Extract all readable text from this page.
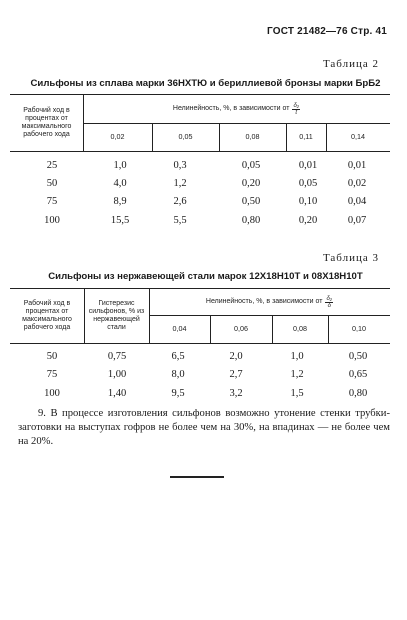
ГОСТ 21482—76 Стр. 41
Таблица 2
Сильфоны из сплава марки 36НХТЮ и бериллиевой бронзы марки БрБ2
Рабочий ход в процентах от максимального рабочего хода
Нелинейность, %, в зависимости от $\frac{\text{δ₂}}{t}$
0,02	0,05	0,08	0,11	0,14
25	1,0	0,3	0,05	0,01	0,01
50	4,0	1,2	0,20	0,05	0,02
75	8,9	2,6	0,50	0,10	0,04
100	15,5	5,5	0,80	0,20	0,07
Таблица 3
Сильфоны из нержавеющей стали марок 12Х18Н10Т и 08Х18Н10Т
Рабочий ход в процентах от максимального рабочего хода
Гистерезис сильфонов, % из нержавеющей стали
Нелинейность, %, в зависимости от $\frac{\text{δ₂}}{\delta}$
0,04	0,06	0,08	0,10
50	0,75	6,5	2,0	1,0	0,50
75	1,00	8,0	2,7	1,2	0,65
100	1,40	9,5	3,2	1,5	0,80
9. В процессе изготовления сильфонов возможно утонение стенки трубки-заготовки на выступах гофров не более чем на 30%, на впадинах — не более чем на 20%.
